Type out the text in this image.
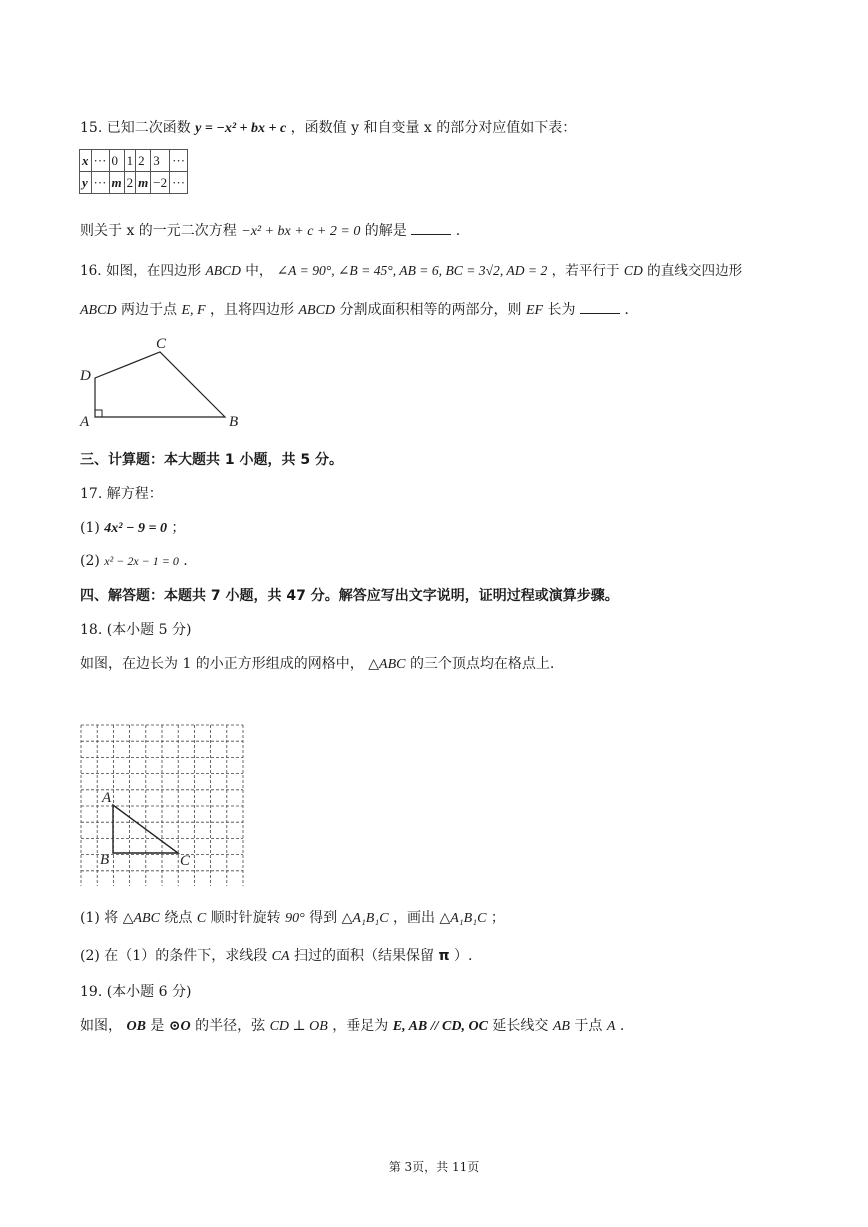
15. 已知二次函数 y = −x² + bx + c ，函数值 y 和自变量 x 的部分对应值如下表：
x	···	0	1	2	3	···
y	···	m	2	m	−2	···
则关于 x 的一元二次方程 −x² + bx + c + 2 = 0 的解是	.
16. 如图，在四边形 ABCD 中， ∠A = 90°, ∠B = 45°, AB = 6, BC = 3√2, AD = 2 ，若平行于 CD 的直线交四边形
ABCD 两边于点 E, F ，且将四边形 ABCD 分割成面积相等的两部分，则 EF 长为	.
A	B
C
D
三、计算题：本大题共 1 小题，共 5 分。
17. 解方程：
(1) 4x² − 9 = 0 ；
(2) x² − 2x − 1 = 0 .
四、解答题：本题共 7 小题，共 47 分。解答应写出文字说明，证明过程或演算步骤。
18. (本小题 5 分)
如图，在边长为 1 的小正方形组成的网格中， △ABC 的三个顶点均在格点上.
A
B	C
(1) 将 △ABC 绕点 C 顺时针旋转 90° 得到 △A₁B₁C ，画出 △A₁B₁C ；
(2) 在（1）的条件下，求线段 CA 扫过的面积（结果保留 π ）.
19. (本小题 6 分)
如图， OB 是 ⊙O 的半径，弦 CD ⊥ OB ，垂足为 E, AB // CD, OC 延长线交 AB 于点 A .
第 3页，共 11页
